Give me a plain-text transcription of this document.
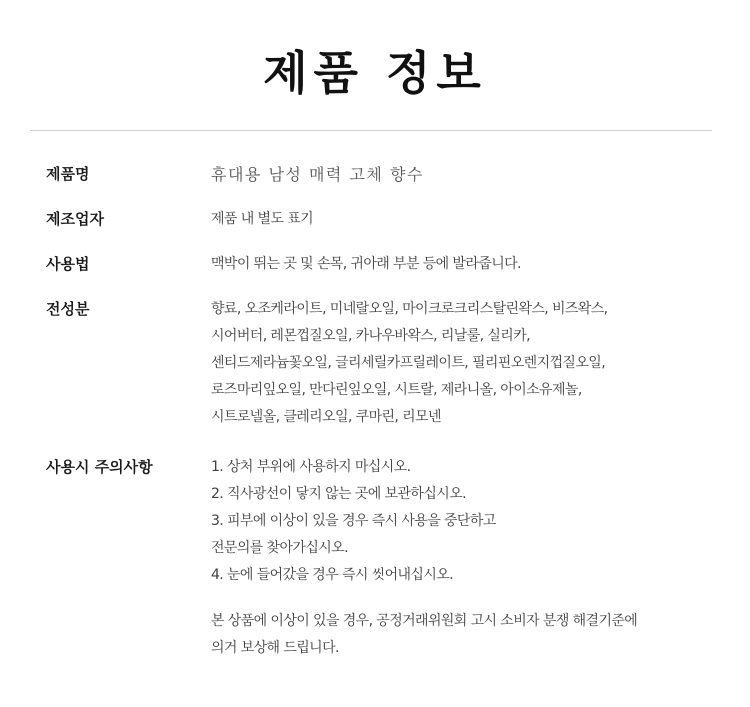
제품 정보
제품명	휴대용 남성 매력 고체 향수
제조업자	제품 내 별도 표기
사용법	맥박이 뛰는 곳 및 손목, 귀아래 부분 등에 발라줍니다.
전성분	향료, 오조케라이트, 미네랄오일, 마이크로크리스탈린왁스, 비즈왁스,
시어버터, 레몬껍질오일, 카나우바왁스, 리날룰, 실리카,
센티드제라늄꽃오일, 글리세릴카프릴레이트, 필리핀오렌지껍질오일,
로즈마리잎오일, 만다린잎오일, 시트랄, 제라니올, 아이소유제놀,
시트로넬올, 클레리오일, 쿠마린, 리모넨
사용시 주의사항	1. 상처 부위에 사용하지 마십시오.
2. 직사광선이 닿지 않는 곳에 보관하십시오.
3. 피부에 이상이 있을 경우 즉시 사용을 중단하고
전문의를 찾아가십시오.
4. 눈에 들어갔을 경우 즉시 씻어내십시오.
본 상품에 이상이 있을 경우, 공정거래위원회 고시 소비자 분쟁 해결기준에
의거 보상해 드립니다.
